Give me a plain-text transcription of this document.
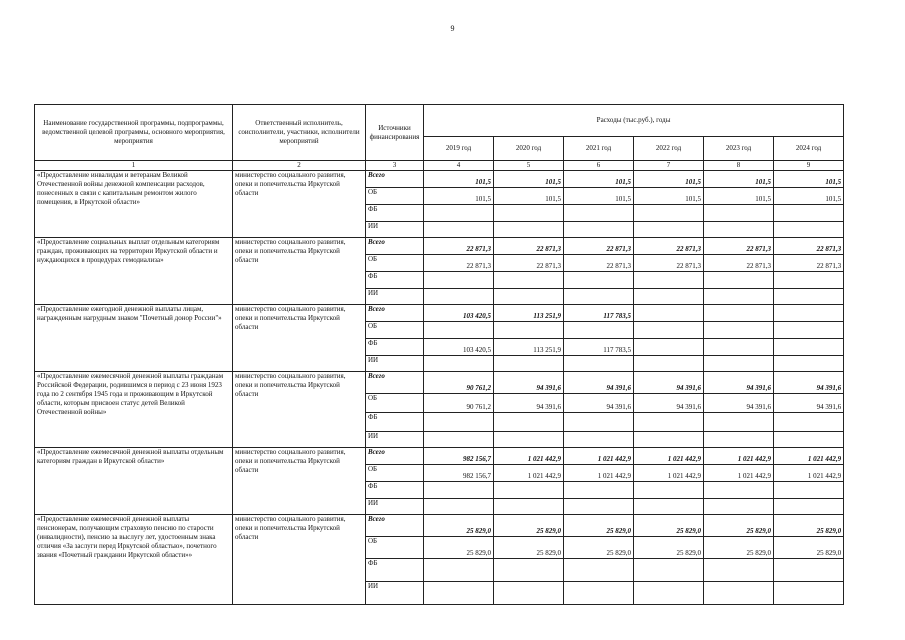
9
Наименование государственной программы, подпрограммы, ведомственной целевой программы, основного мероприятия, мероприятия	Ответственный исполнитель, соисполнители, участники, исполнители мероприятий	Источники финансирования	Расходы (тыс.руб.), годы					
			2019 год	2020 год	2021 год	2022 год	2023 год	2024 год
1	2	3	4	5	6	7	8	9
«Предоставление инвалидам и ветеранам Великой Отечественной войны денежной компенсации расходов, понесенных в связи с капитальным ремонтом жилого помещения, в Иркутской области»	министерство социального развития, опеки и попечительства Иркутской области	Всего	101,5	101,5	101,5	101,5	101,5	101,5
		ОБ	101,5	101,5	101,5	101,5	101,5	101,5
		ФБ						
		ИИ						
«Предоставление социальных выплат отдельным категориям граждан, проживающих на территории Иркутской области и нуждающихся в процедурах гемодиализа»	министерство социального развития, опеки и попечительства Иркутской области	Всего	22 871,3	22 871,3	22 871,3	22 871,3	22 871,3	22 871,3
		ОБ	22 871,3	22 871,3	22 871,3	22 871,3	22 871,3	22 871,3
		ФБ						
		ИИ						
«Предоставление ежегодной денежной выплаты лицам, награжденным нагрудным знаком "Почетный донор России"»	министерство социального развития, опеки и попечительства Иркутской области	Всего	103 420,5	113 251,9	117 783,5			
		ОБ						
		ФБ	103 420,5	113 251,9	117 783,5			
		ИИ						
«Предоставление ежемесячной денежной выплаты гражданам Российской Федерации, родившимся в период с 23 июня 1923 года по 2 сентября 1945 года и проживающим в Иркутской области, которым присвоен статус детей Великой Отечественной войны»	министерство социального развития, опеки и попечительства Иркутской области	Всего	90 761,2	94 391,6	94 391,6	94 391,6	94 391,6	94 391,6
		ОБ	90 761,2	94 391,6	94 391,6	94 391,6	94 391,6	94 391,6
		ФБ						
		ИИ						
«Предоставление ежемесячной денежной выплаты отдельным категориям граждан в Иркутской области»	министерство социального развития, опеки и попечительства Иркутской области	Всего	982 156,7	1 021 442,9	1 021 442,9	1 021 442,9	1 021 442,9	1 021 442,9
		ОБ	982 156,7	1 021 442,9	1 021 442,9	1 021 442,9	1 021 442,9	1 021 442,9
		ФБ						
		ИИ						
«Предоставление ежемесячной денежной выплаты пенсионерам, получающим страховую пенсию по старости (инвалидности), пенсию за выслугу лет, удостоенным знака отличия «За заслуги перед Иркутской областью», почетного звания «Почетный гражданин Иркутской области»»	министерство социального развития, опеки и попечительства Иркутской области	Всего	25 829,0	25 829,0	25 829,0	25 829,0	25 829,0	25 829,0
		ОБ	25 829,0	25 829,0	25 829,0	25 829,0	25 829,0	25 829,0
		ФБ						
		ИИ						
